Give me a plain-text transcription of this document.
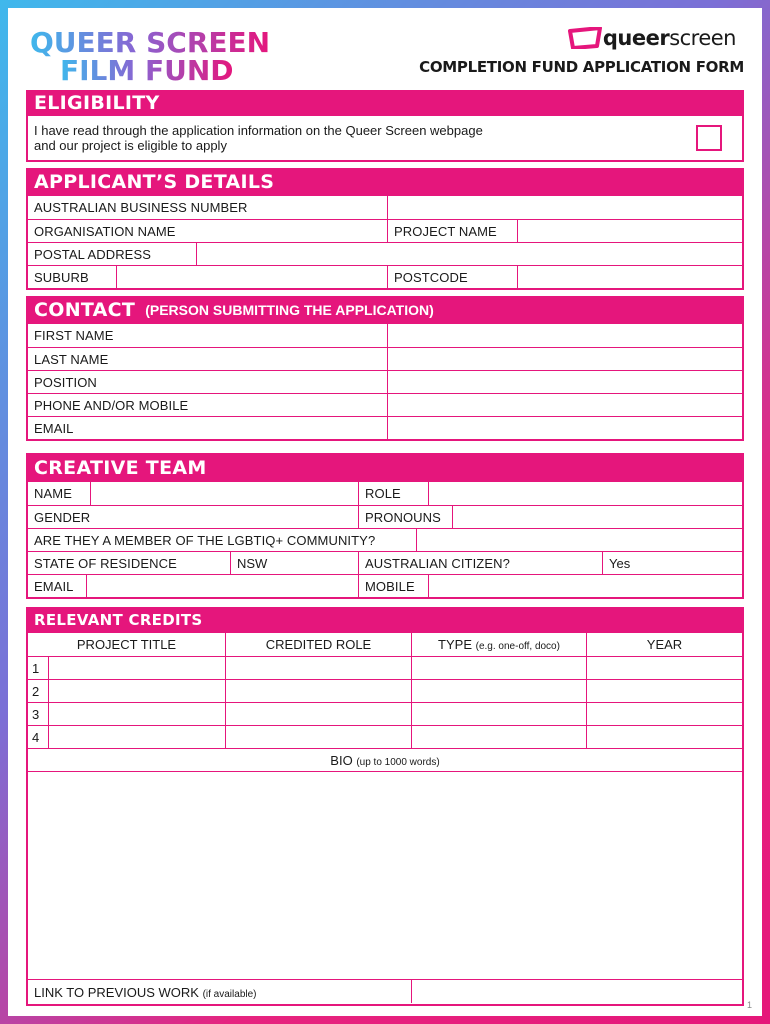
QUEER SCREEN
FILM FUND
queerscreen
COMPLETION FUND APPLICATION FORM
ELIGIBILITY
I have read through the application information on the Queer Screen webpage
and our project is eligible to apply
APPLICANT’S DETAILS
AUSTRALIAN BUSINESS NUMBER
ORGANISATION NAME	PROJECT NAME
POSTAL ADDRESS
SUBURB	POSTCODE
CONTACT (PERSON SUBMITTING THE APPLICATION)
FIRST NAME
LAST NAME
POSITION
PHONE AND/OR MOBILE
EMAIL
CREATIVE TEAM
NAME	ROLE
GENDER	PRONOUNS
ARE THEY A MEMBER OF THE LGBTIQ+ COMMUNITY?
STATE OF RESIDENCE	NSW	AUSTRALIAN CITIZEN?	Yes
EMAIL	MOBILE
RELEVANT CREDITS
PROJECT TITLE	CREDITED ROLE	TYPE (e.g. one-off, doco)	YEAR
1
2
3
4
BIO (up to 1000 words)
LINK TO PREVIOUS WORK (if available)
1
